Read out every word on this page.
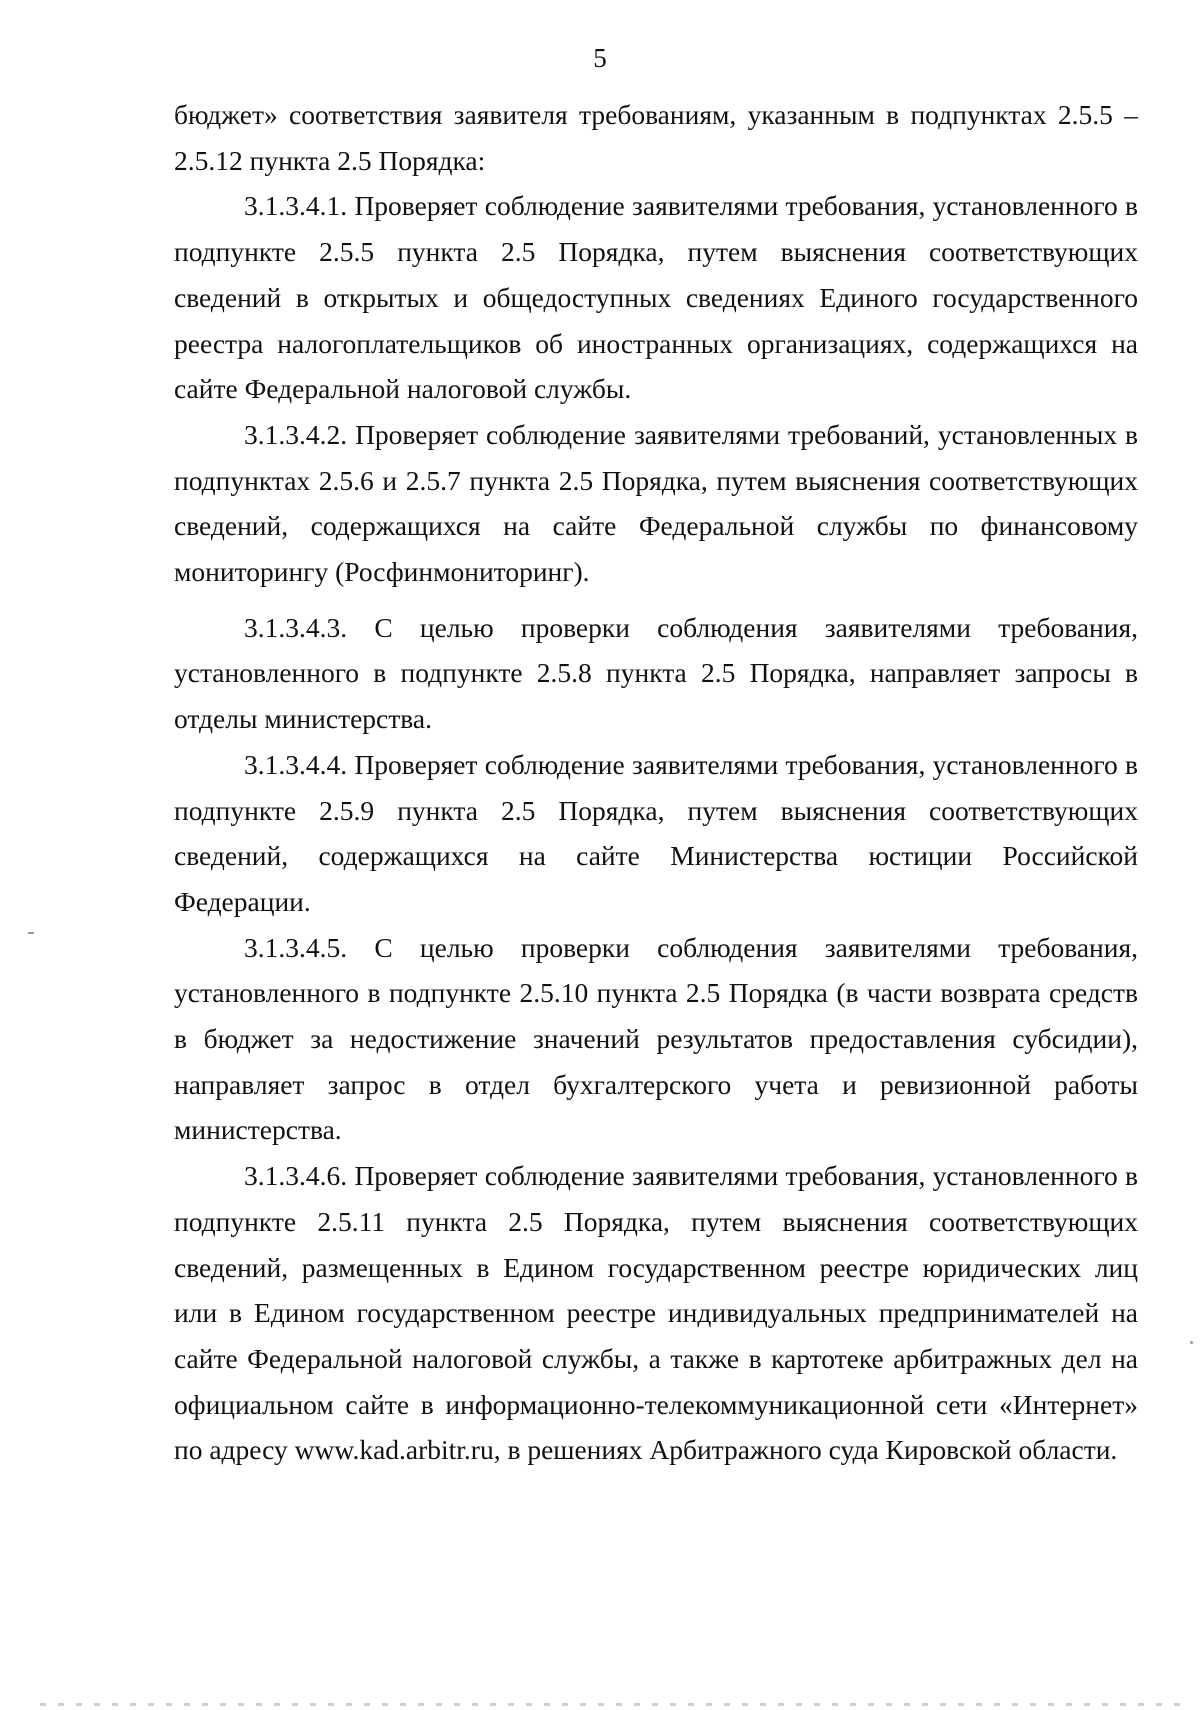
5

бюджет» соответствия заявителя требованиям, указанным в подпунктах 2.5.5 – 2.5.12 пункта 2.5 Порядка:

3.1.3.4.1. Проверяет соблюдение заявителями требования, установленного в подпункте 2.5.5 пункта 2.5 Порядка, путем выяснения соответствующих сведений в открытых и общедоступных сведениях Единого государственного реестра налогоплательщиков об иностранных организациях, содержащихся на сайте Федеральной налоговой службы.

3.1.3.4.2. Проверяет соблюдение заявителями требований, установленных в подпунктах 2.5.6 и 2.5.7 пункта 2.5 Порядка, путем выяснения соответствующих сведений, содержащихся на сайте Федеральной службы по финансовому мониторингу (Росфинмониторинг).

3.1.3.4.3. С целью проверки соблюдения заявителями требования, установленного в подпункте 2.5.8 пункта 2.5 Порядка, направляет запросы в отделы министерства.

3.1.3.4.4. Проверяет соблюдение заявителями требования, установленного в подпункте 2.5.9 пункта 2.5 Порядка, путем выяснения соответствующих сведений, содержащихся на сайте Министерства юстиции Российской Федерации.

3.1.3.4.5. С целью проверки соблюдения заявителями требования, установленного в подпункте 2.5.10 пункта 2.5 Порядка (в части возврата средств в бюджет за недостижение значений результатов предоставления субсидии), направляет запрос в отдел бухгалтерского учета и ревизионной работы министерства.

3.1.3.4.6. Проверяет соблюдение заявителями требования, установленного в подпункте 2.5.11 пункта 2.5 Порядка, путем выяснения соответствующих сведений, размещенных в Едином государственном реестре юридических лиц или в Едином государственном реестре индивидуальных предпринимателей на сайте Федеральной налоговой службы, а также в картотеке арбитражных дел на официальном сайте в информационно-телекоммуникационной сети «Интернет» по адресу www.kad.arbitr.ru, в решениях Арбитражного суда Кировской области.
